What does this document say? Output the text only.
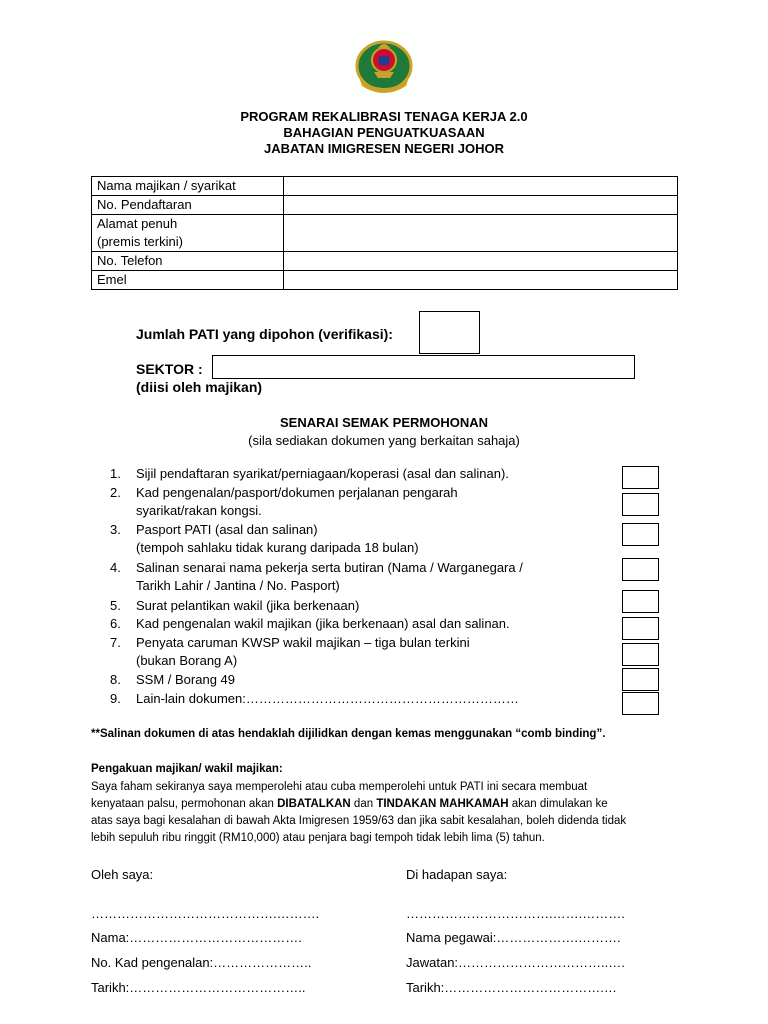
PROGRAM REKALIBRASI TENAGA KERJA 2.0
BAHAGIAN PENGUATKUASAAN
JABATAN IMIGRESEN NEGERI JOHOR
Nama majikan / syarikat	
No. Pendaftaran	

Alamat penuh
(premis terkini)	

No. Telefon	
Emel	
Jumlah PATI yang dipohon (verifikasi):
SEKTOR :
(diisi oleh majikan)
SENARAI SEMAK PERMOHONAN
(sila sediakan dokumen yang berkaitan sahaja)
1. Sijil pendaftaran syarikat/perniagaan/koperasi (asal dan salinan).
2. Kad pengenalan/pasport/dokumen perjalanan pengarah
syarikat/rakan kongsi.
3. Pasport PATI (asal dan salinan)
(tempoh sahlaku tidak kurang daripada 18 bulan)
4. Salinan senarai nama pekerja serta butiran (Nama / Warganegara /
Tarikh Lahir / Jantina / No. Pasport)
5. Surat pelantikan wakil (jika berkenaan)
6. Kad pengenalan wakil majikan (jika berkenaan) asal dan salinan.
7. Penyata caruman KWSP wakil majikan – tiga bulan terkini
(bukan Borang A)
8. SSM / Borang 49
9. Lain-lain dokumen:………………………………………………………
**Salinan dokumen di atas hendaklah dijilidkan dengan kemas menggunakan “comb binding”.
Pengakuan majikan/ wakil majikan:
Saya faham sekiranya saya memperolehi atau cuba memperolehi untuk PATI ini secara membuat
kenyataan palsu, permohonan akan DIBATALKAN dan TINDAKAN MAHKAMAH akan dimulakan ke
atas saya bagi kesalahan di bawah Akta Imigresen 1959/63 dan jika sabit kesalahan, boleh didenda tidak
lebih sepuluh ribu ringgit (RM10,000) atau penjara bagi tempoh tidak lebih lima (5) tahun.
Oleh saya:
…………………………………….……….
Nama:………………………………….
No. Kad pengenalan:…………………..
Tarikh:…………………………………..
Di hadapan saya:
…………………………….…….……….
Nama pegawai:……………….……….
Jawatan:……………………………..….
Tarikh:……………………………….…
